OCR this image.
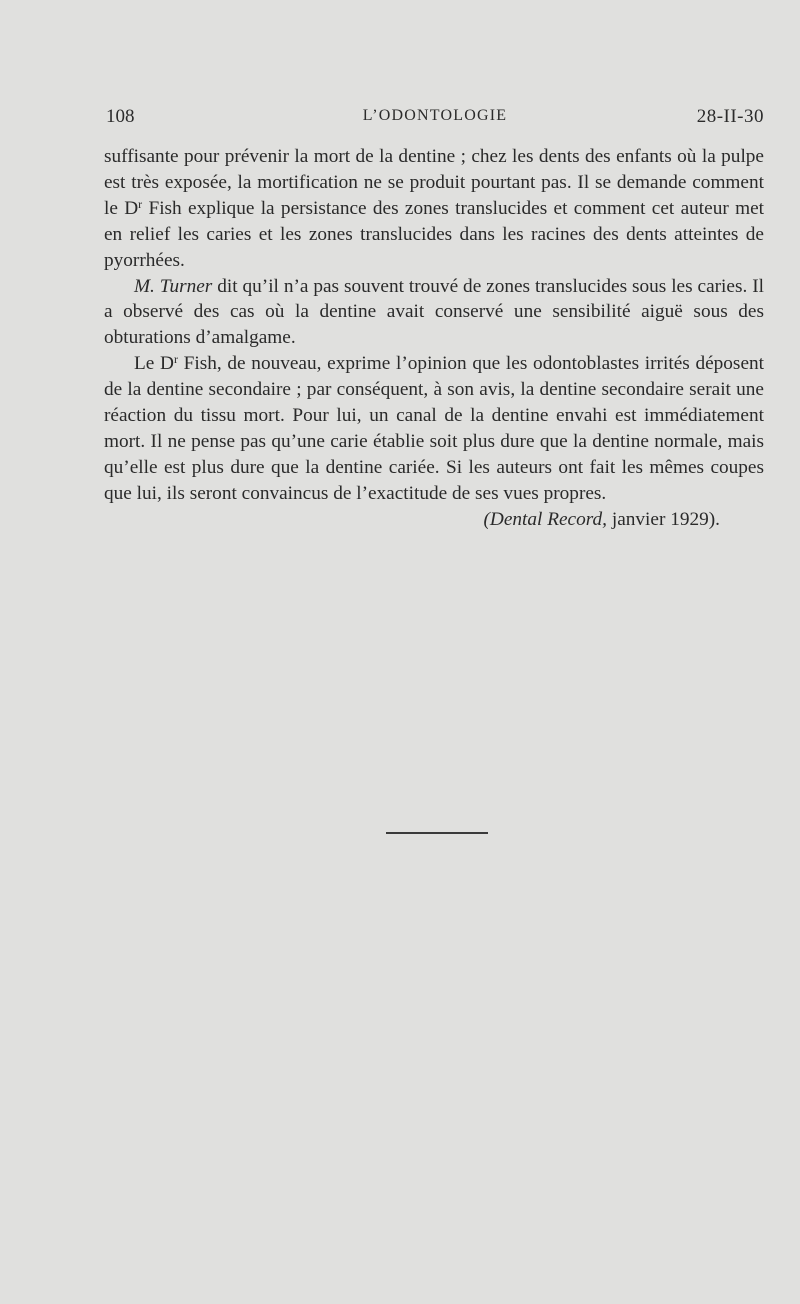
108	L’ODONTOLOGIE	28-II-30

suffisante pour prévenir la mort de la dentine ; chez les dents des enfants où la pulpe est très exposée, la mortification ne se produit pourtant pas. Il se demande comment le $D^r$ Fish explique la persistance des zones translucides et comment cet auteur met en relief les caries et les zones translucides dans les racines des dents atteintes de pyorrhées.

M. Turner dit qu’il n’a pas souvent trouvé de zones translucides sous les caries. Il a observé des cas où la dentine avait conservé une sensibilité aiguë sous des obturations d’amalgame.

Le $D^r$ Fish, de nouveau, exprime l’opinion que les odontoblastes irrités déposent de la dentine secondaire ; par conséquent, à son avis, la dentine secondaire serait une réaction du tissu mort. Pour lui, un canal de la dentine envahi est immédiatement mort. Il ne pense pas qu’une carie établie soit plus dure que la dentine normale, mais qu’elle est plus dure que la dentine cariée. Si les auteurs ont fait les mêmes coupes que lui, ils seront convaincus de l’exactitude de ses vues propres.

(Dental Record, janvier 1929).
